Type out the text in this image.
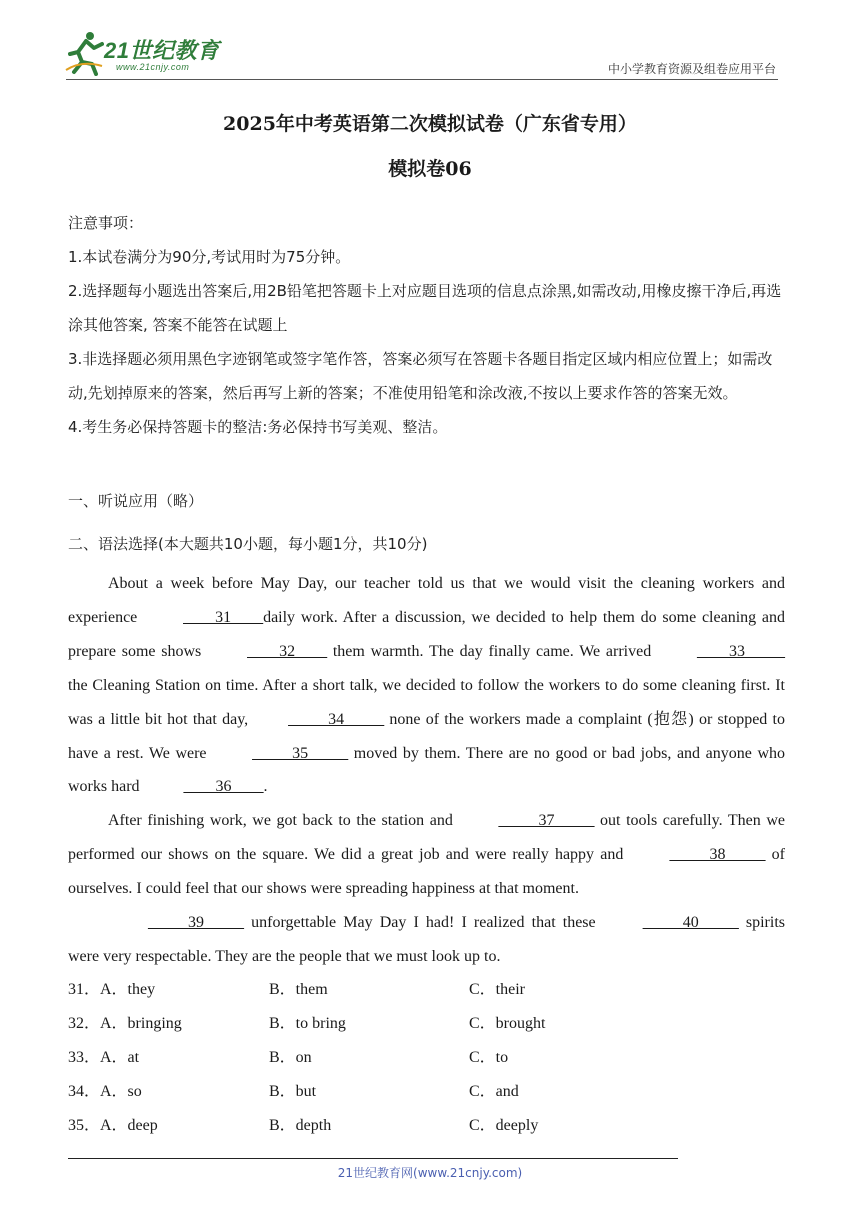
21世纪教育
www.21cnjy.com	中小学教育资源及组卷应用平台
2025年中考英语第二次模拟试卷（广东省专用）
模拟卷06
注意事项：
1.本试卷满分为90分,考试用时为75分钟。
2.选择题每小题选出答案后,用2B铅笔把答题卡上对应题目选项的信息点涂黑,如需改动,用橡皮擦干净后,再选涂其他答案, 答案不能答在试题上
3.非选择题必须用黑色字迹钢笔或签字笔作答，答案必须写在答题卡各题目指定区域内相应位置上；如需改动,先划掉原来的答案，然后再写上新的答案；不准使用铅笔和涂改液,不按以上要求作答的答案无效。
4.考生务必保持答题卡的整洁:务必保持书写美观、整洁。
一、听说应用（略）
二、语法选择(本大题共10小题，每小题1分，共10分)

About a week before May Day, our teacher told us that we would visit the cleaning workers and experience	____31____daily work. After a discussion, we decided to help them do some cleaning and prepare some shows	____32____ them warmth. The day finally came. We arrived	____33_____ the Cleaning Station on time. After a short talk, we decided to follow the workers to do some cleaning first. It was a little bit hot that day,	_____34_____ none of the workers made a complaint (抱怨) or stopped to have a rest. We were	_____35_____ moved by them. There are no good or bad jobs, and anyone who works hard	____36____.

After finishing work, we got back to the station and	_____37_____ out tools carefully. Then we performed our shows on the square. We did a great job and were really happy and	_____38_____ of ourselves. I could feel that our shows were spreading happiness at that moment.

_____39_____ unforgettable May Day I had! I realized that these	_____40_____ spirits were very respectable. They are the people that we must look up to.

31．A．they	B．them	C．their
32．A．bringing	B．to bring	C．brought
33．A．at	B．on	C．to
34．A．so	B．but	C．and
35．A．deep	B．depth	C．deeply
21世纪教育网(www.21cnjy.com)
